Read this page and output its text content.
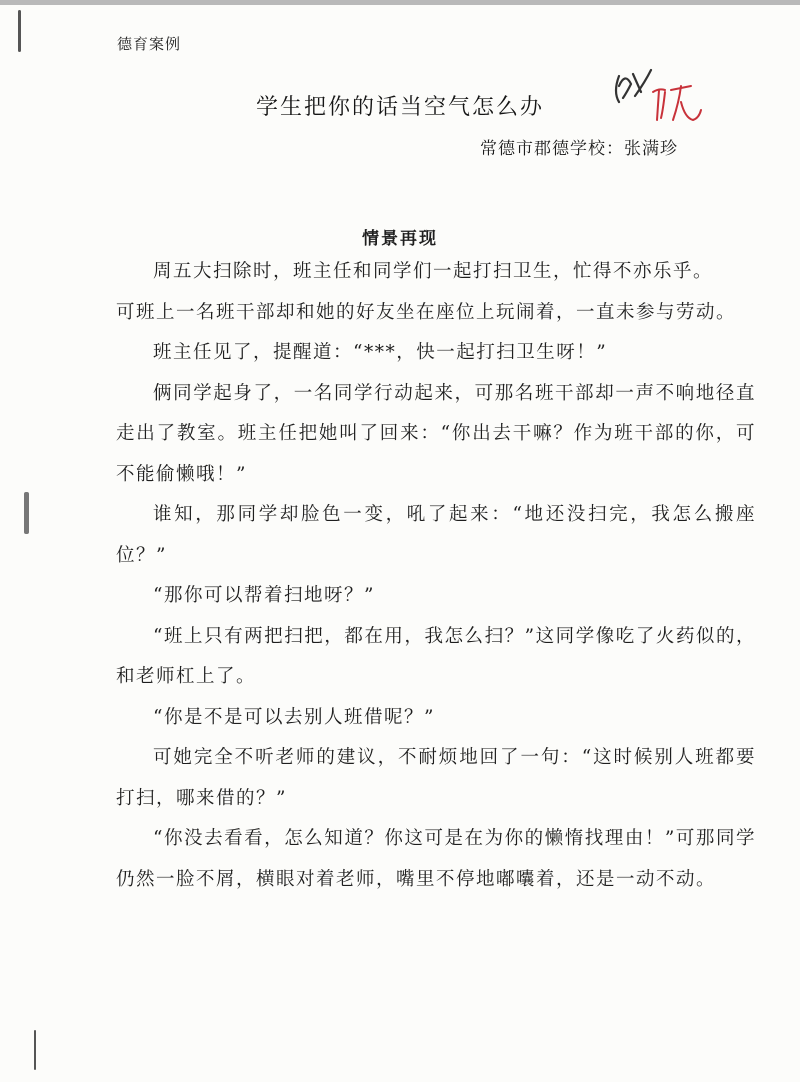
德育案例
学生把你的话当空气怎么办
常德市郡德学校：张满珍
情景再现

周五大扫除时，班主任和同学们一起打扫卫生，忙得不亦乐乎。

可班上一名班干部却和她的好友坐在座位上玩闹着，一直未参与劳动。

班主任见了，提醒道：“***，快一起打扫卫生呀！”

俩同学起身了，一名同学行动起来，可那名班干部却一声不响地径直走出了教室。班主任把她叫了回来：“你出去干嘛？作为班干部的你，可不能偷懒哦！”

谁知，那同学却脸色一变，吼了起来：“地还没扫完，我怎么搬座位？”

“那你可以帮着扫地呀？”

“班上只有两把扫把，都在用，我怎么扫？”这同学像吃了火药似的，和老师杠上了。

“你是不是可以去别人班借呢？”

可她完全不听老师的建议，不耐烦地回了一句：“这时候别人班都要打扫，哪来借的？”

“你没去看看，怎么知道？你这可是在为你的懒惰找理由！”可那同学仍然一脸不屑，横眼对着老师，嘴里不停地嘟囔着，还是一动不动。
